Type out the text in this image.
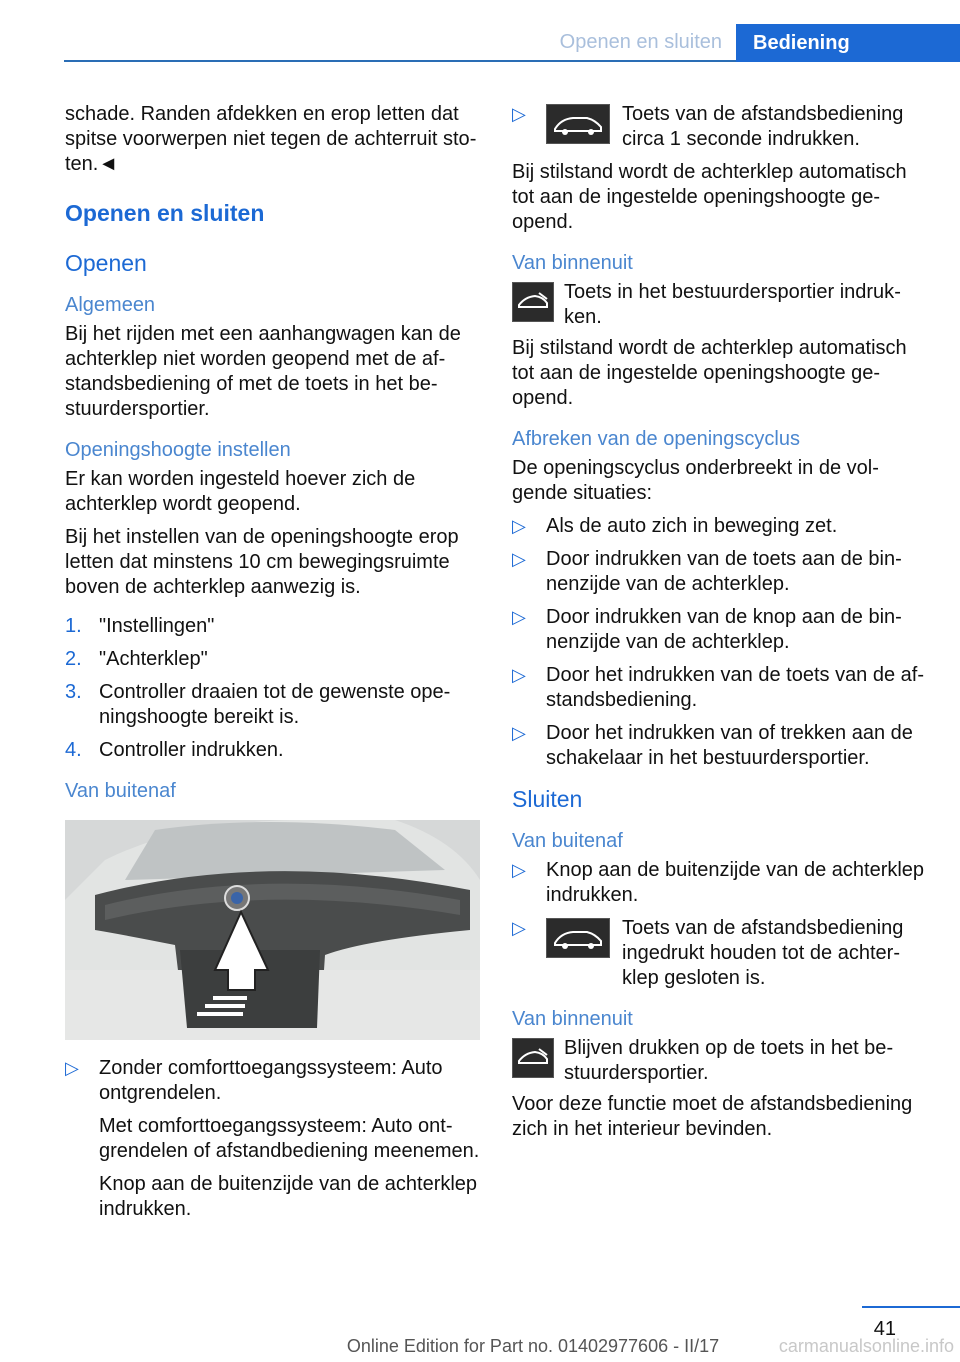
Openen en sluiten	Bediening

schade. Randen afdekken en erop letten dat spitse voorwerpen niet tegen de achterruit stoten.◄

Openen en sluiten
Openen
Algemeen

Bij het rijden met een aanhangwagen kan de achterklep niet worden geopend met de afstandsbediening of met de toets in het bestuurdersportier.

Openingshoogte instellen

Er kan worden ingesteld hoever zich de achterklep wordt geopend.

Bij het instellen van de openingshoogte erop letten dat minstens 10 cm bewegingsruimte boven de achterklep aanwezig is.

1. "Instellingen"
2. "Achterklep"
3. Controller draaien tot de gewenste openingshoogte bereikt is.
4. Controller indrukken.
Van buitenaf
▷ Zonder comforttoegangssysteem: Auto ontgrendelen.
Met comforttoegangssysteem: Auto ontgrendelen of afstandbediening meenemen.
Knop aan de buitenzijde van de achterklep indrukken.
▷	Toets van de afstandsbediening circa 1 seconde indrukken.

Bij stilstand wordt de achterklep automatisch tot aan de ingestelde openingshoogte geopend.

Van binnenuit
Toets in het bestuurdersportier indrukken.

Bij stilstand wordt de achterklep automatisch tot aan de ingestelde openingshoogte geopend.

Afbreken van de openingscyclus

De openingscyclus onderbreekt in de volgende situaties:

▷ Als de auto zich in beweging zet.
▷ Door indrukken van de toets aan de binnenzijde van de achterklep.
▷ Door indrukken van de knop aan de binnenzijde van de achterklep.
▷ Door het indrukken van de toets van de afstandsbediening.
▷ Door het indrukken van of trekken aan de schakelaar in het bestuurdersportier.
Sluiten
Van buitenaf
▷ Knop aan de buitenzijde van de achterklep indrukken.
▷	Toets van de afstandsbediening ingedrukt houden tot de achterklep gesloten is.
Van binnenuit
Blijven drukken op de toets in het bestuurdersportier.

Voor deze functie moet de afstandsbediening zich in het interieur bevinden.

41
Online Edition for Part no. 01402977606 - II/17	carmanualsonline.info
